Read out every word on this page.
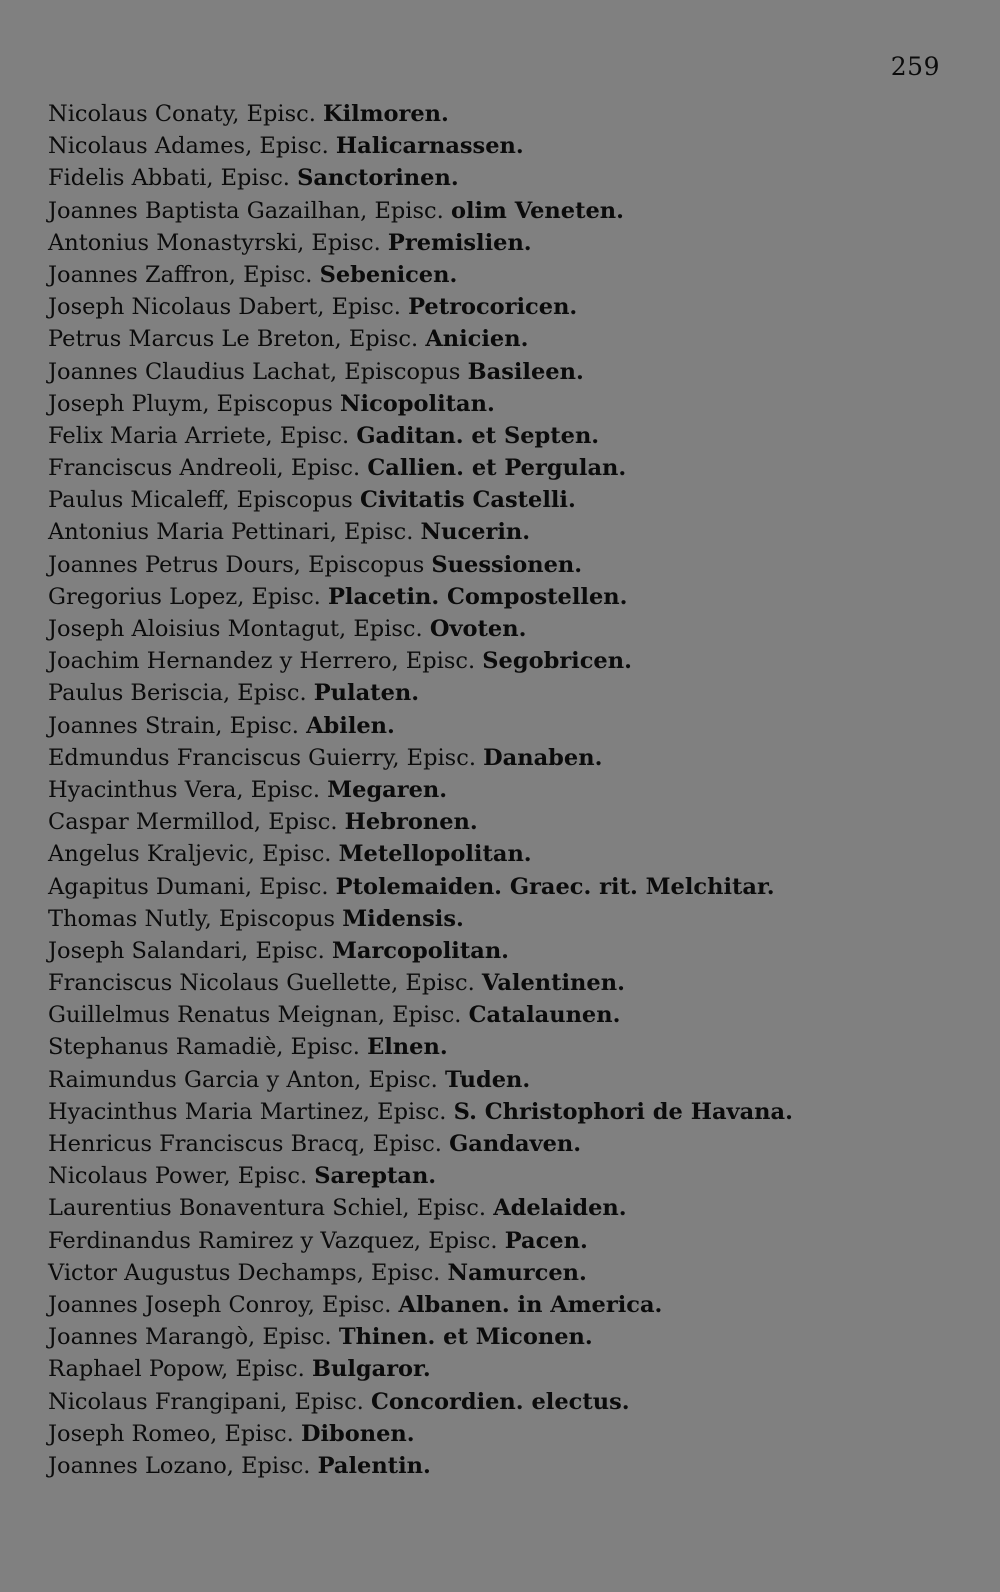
259
Nicolaus Conaty, Episc. Kilmoren.
Nicolaus Adames, Episc. Halicarnassen.
Fidelis Abbati, Episc. Sanctorinen.
Joannes Baptista Gazailhan, Episc. olim Veneten.
Antonius Monastyrski, Episc. Premislien.
Joannes Zaffron, Episc. Sebenicen.
Joseph Nicolaus Dabert, Episc. Petrocoricen.
Petrus Marcus Le Breton, Episc. Anicien.
Joannes Claudius Lachat, Episcopus Basileen.
Joseph Pluym, Episcopus Nicopolitan.
Felix Maria Arriete, Episc. Gaditan. et Septen.
Franciscus Andreoli, Episc. Callien. et Pergulan.
Paulus Micaleff, Episcopus Civitatis Castelli.
Antonius Maria Pettinari, Episc. Nucerin.
Joannes Petrus Dours, Episcopus Suessionen.
Gregorius Lopez, Episc. Placetin. Compostellen.
Joseph Aloisius Montagut, Episc. Ovoten.
Joachim Hernandez y Herrero, Episc. Segobricen.
Paulus Beriscia, Episc. Pulaten.
Joannes Strain, Episc. Abilen.
Edmundus Franciscus Guierry, Episc. Danaben.
Hyacinthus Vera, Episc. Megaren.
Caspar Mermillod, Episc. Hebronen.
Angelus Kraljevic, Episc. Metellopolitan.
Agapitus Dumani, Episc. Ptolemaiden. Graec. rit. Melchitar.
Thomas Nutly, Episcopus Midensis.
Joseph Salandari, Episc. Marcopolitan.
Franciscus Nicolaus Guellette, Episc. Valentinen.
Guillelmus Renatus Meignan, Episc. Catalaunen.
Stephanus Ramadiè, Episc. Elnen.
Raimundus Garcia y Anton, Episc. Tuden.
Hyacinthus Maria Martinez, Episc. S. Christophori de Havana.
Henricus Franciscus Bracq, Episc. Gandaven.
Nicolaus Power, Episc. Sareptan.
Laurentius Bonaventura Schiel, Episc. Adelaiden.
Ferdinandus Ramirez y Vazquez, Episc. Pacen.
Victor Augustus Dechamps, Episc. Namurcen.
Joannes Joseph Conroy, Episc. Albanen. in America.
Joannes Marangò, Episc. Thinen. et Miconen.
Raphael Popow, Episc. Bulgaror.
Nicolaus Frangipani, Episc. Concordien. electus.
Joseph Romeo, Episc. Dibonen.
Joannes Lozano, Episc. Palentin.
